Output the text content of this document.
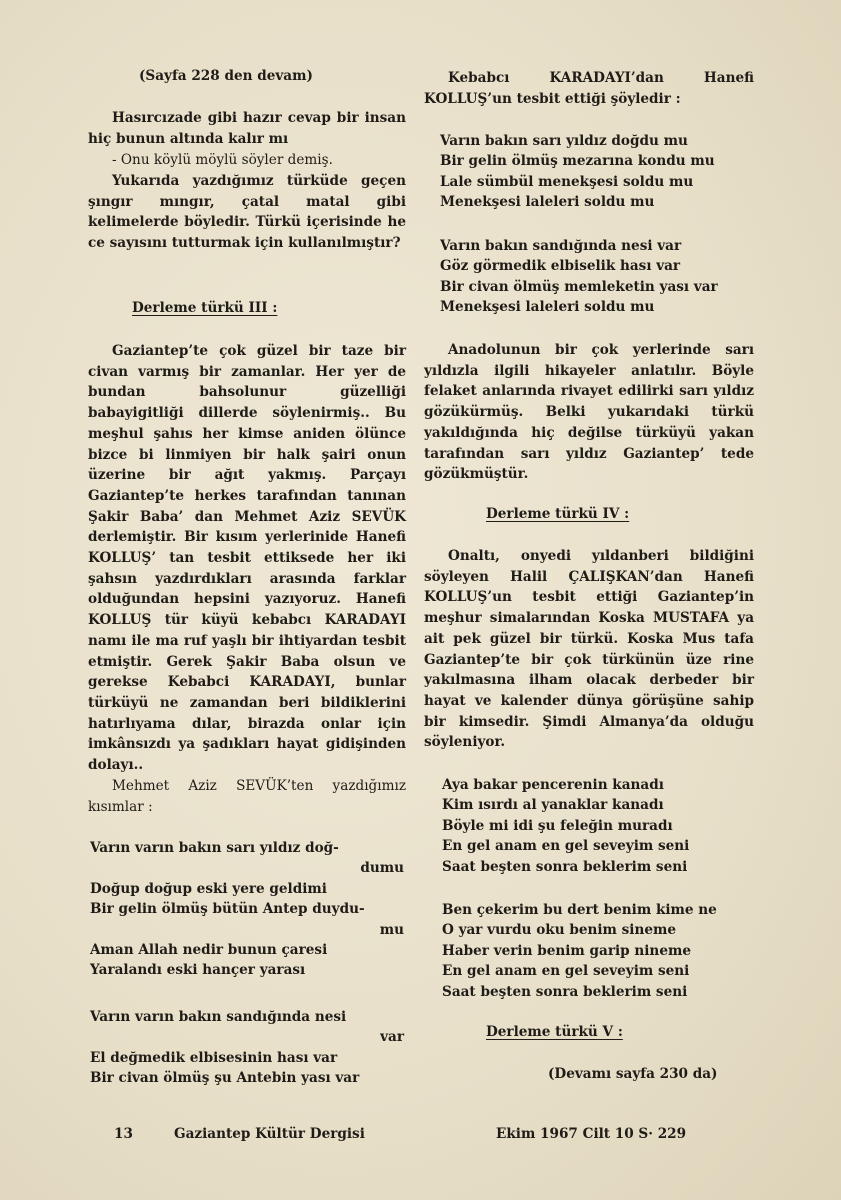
(Sayfa 228 den devam)

Hasırcızade gibi hazır cevap bir insan hiç bunun altında kalır mı

- Onu köylü möylü söyler demiş.

Yukarıda yazdığımız türküde geçen şıngır mıngır, çatal matal gibi kelimelerde böyledir. Türkü içerisinde he ce sayısını tutturmak için kullanılmıştır?

Derleme türkü III :

Gaziantep’te çok güzel bir taze bir civan varmış bir zamanlar. Her yer de bundan bahsolunur güzelliği babayigitliği dillerde söylenirmiş.. Bu meşhul şahıs her kimse aniden ölünce bizce bi linmiyen bir halk şairi onun üzerine bir ağıt yakmış. Parçayı Gaziantep’te herkes tarafından tanınan Şakir Baba’ dan Mehmet Aziz SEVÜK derlemiştir. Bir kısım yerlerinide Hanefi KOLLUŞ’ tan tesbit ettiksede her iki şahsın yazdırdıkları arasında farklar olduğundan hepsini yazıyoruz. Hanefi KOLLUŞ tür küyü kebabcı KARADAYI namı ile ma ruf yaşlı bir ihtiyardan tesbit etmiştir. Gerek Şakir Baba olsun ve gerekse Kebabci KARADAYI, bunlar türküyü ne zamandan beri bildiklerini hatırlıyama dılar, birazda onlar için imkânsızdı ya şadıkları hayat gidişinden dolayı..

Mehmet Aziz SEVÜK’ten yazdığımız kısımlar :

Varın varın bakın sarı yıldız doğ-
dumu
Doğup doğup eski yere geldimi
Bir gelin ölmüş bütün Antep duydu-
mu
Aman Allah nedir bunun çaresi
Yaralandı eski hançer yarası
Varın varın bakın sandığında nesi
var
El değmedik elbisesinin hası var
Bir civan ölmüş şu Antebin yası var

Kebabcı KARADAYI’dan Hanefi KOLLUŞ’un tesbit ettiği şöyledir :

Varın bakın sarı yıldız doğdu mu
Bir gelin ölmüş mezarına kondu mu
Lale sümbül menekşesi soldu mu
Menekşesi laleleri soldu mu
Varın bakın sandığında nesi var
Göz görmedik elbiselik hası var
Bir civan ölmüş memleketin yası var
Menekşesi laleleri soldu mu

Anadolunun bir çok yerlerinde sarı yıldızla ilgili hikayeler anlatılır. Böyle felaket anlarında rivayet edilirki sarı yıldız gözükürmüş. Belki yukarıdaki türkü yakıldığında hiç değilse türküyü yakan tarafından sarı yıldız Gaziantep’ tede gözükmüştür.

Derleme türkü IV :

Onaltı, onyedi yıldanberi bildiğini söyleyen Halil ÇALIŞKAN’dan Hanefi KOLLUŞ’un tesbit ettiği Gaziantep’in meşhur simalarından Koska MUSTAFA ya ait pek güzel bir türkü. Koska Mus tafa Gaziantep’te bir çok türkünün üze rine yakılmasına ilham olacak derbeder bir hayat ve kalender dünya görüşüne sahip bir kimsedir. Şimdi Almanya’da olduğu söyleniyor.

Aya bakar pencerenin kanadı
Kim ısırdı al yanaklar kanadı
Böyle mi idi şu feleğin muradı
En gel anam en gel seveyim seni
Saat beşten sonra beklerim seni
Ben çekerim bu dert benim kime ne
O yar vurdu oku benim sineme
Haber verin benim garip nineme
En gel anam en gel seveyim seni
Saat beşten sonra beklerim seni
Derleme türkü V :
(Devamı sayfa 230 da)
13	Gaziantep Kültür Dergisi	Ekim 1967 Cilt 10 S· 229
